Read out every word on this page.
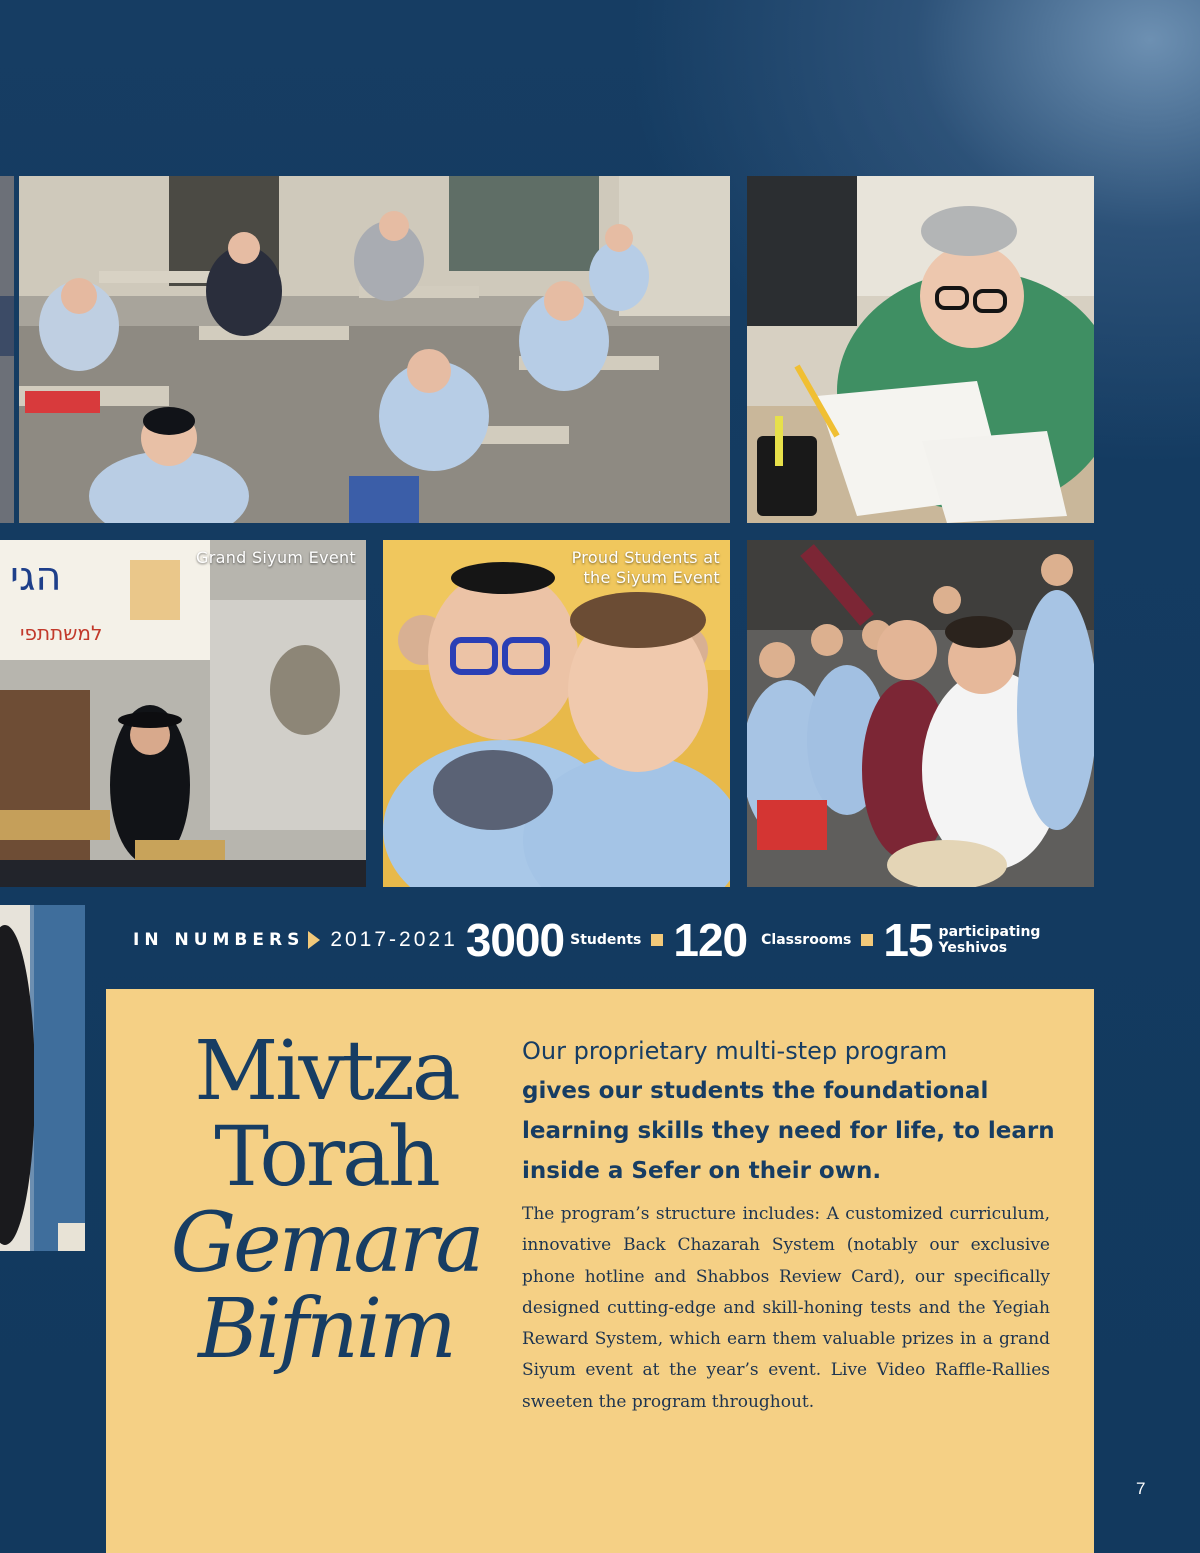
הגי
למשתתפי
Grand Siyum Event	Proud Students at
the Siyum Event
IN NUMBERS 2017-2021 3000 Students 120 Classrooms 15 participating
Yeshivos
Mivtza
Torah
Gemara
Bifnim
Our proprietary multi-step program
gives our students the foundational learning skills they need for life, to learn inside a Sefer on their own.
The program’s structure includes: A customized curriculum, innovative Back Chazarah System (notably our exclusive phone hotline and Shabbos Review Card), our specifically designed cutting-edge and skill-honing tests and the Yegiah Reward System, which earn them valuable prizes in a grand Siyum event at the year’s event. Live Video Raffle-Rallies sweeten the program throughout.
7
